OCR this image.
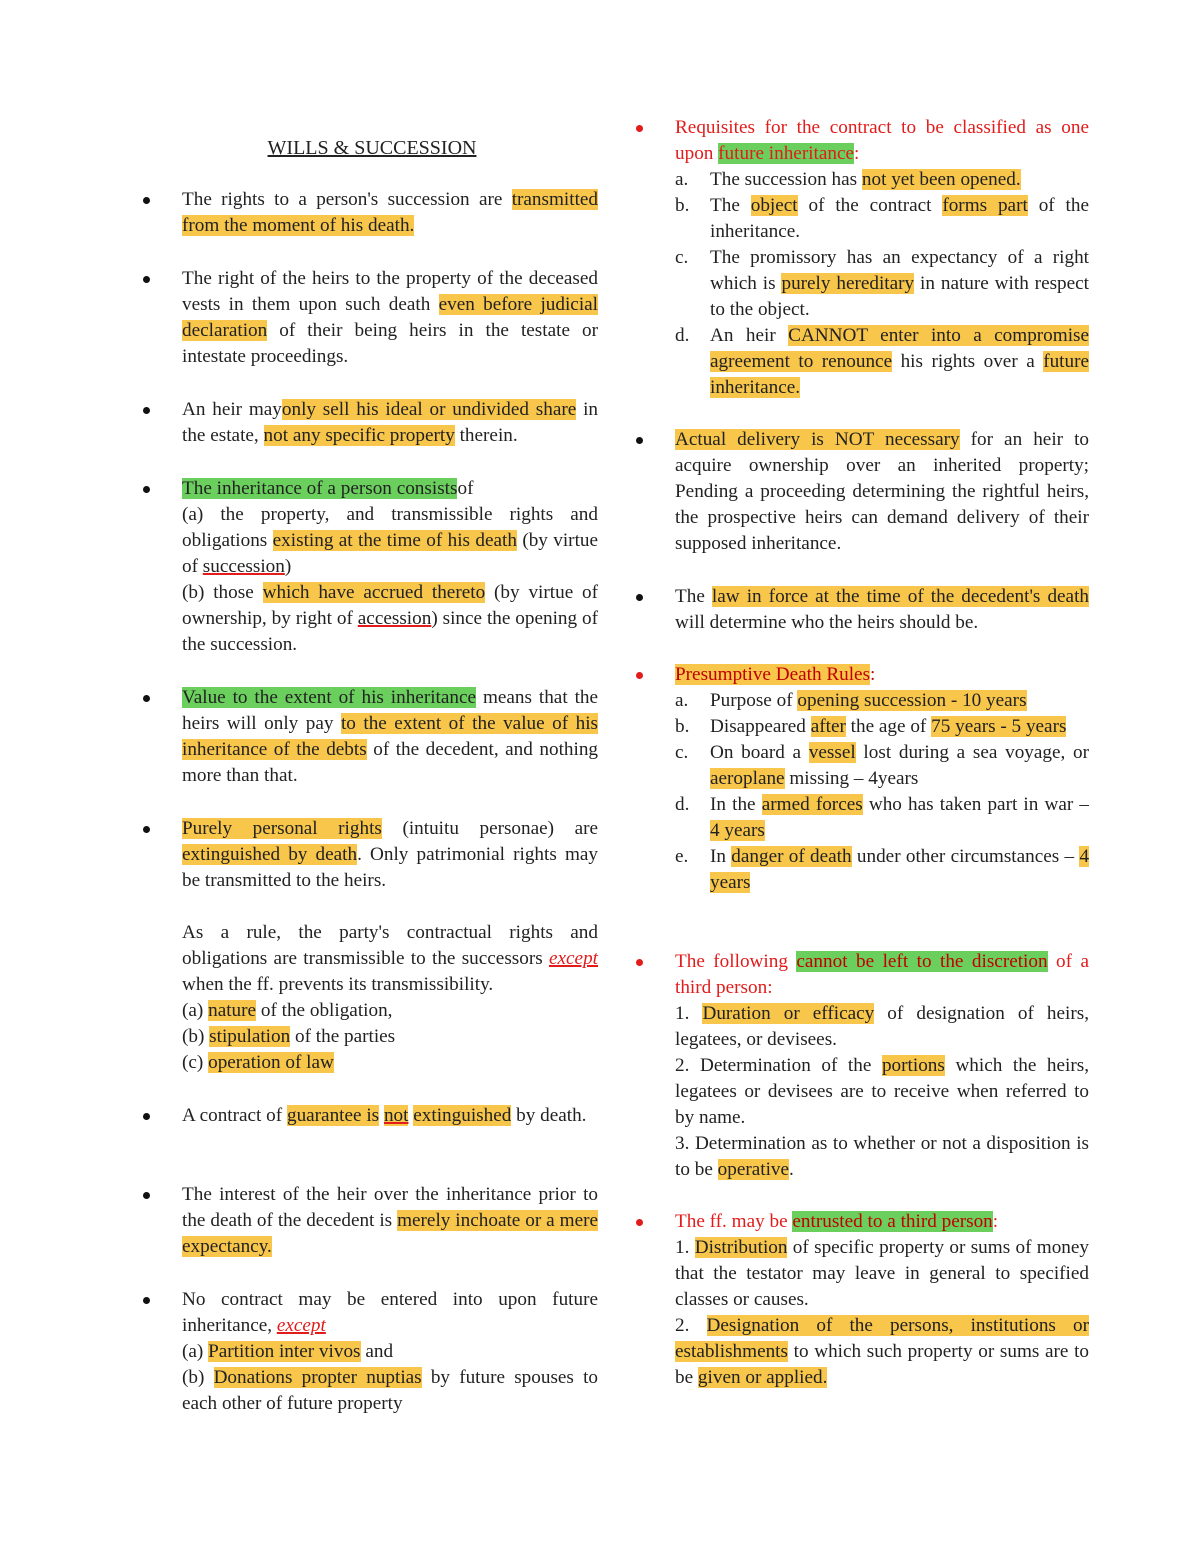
WILLS & SUCCESSION
The rights to a person's succession are transmitted from the moment of his death.
The right of the heirs to the property of the deceased vests in them upon such death even before judicial declaration of their being heirs in the testate or intestate proceedings.
An heir mayonly sell his ideal or undivided share in the estate, not any specific property therein.
The inheritance of a person consistsof
(a) the property, and transmissible rights and obligations existing at the time of his death (by virtue of succession)
(b) those which have accrued thereto (by virtue of ownership, by right of accession) since the opening of the succession.
Value to the extent of his inheritance means that the heirs will only pay to the extent of the value of his inheritance of the debts of the decedent, and nothing more than that.
Purely personal rights (intuitu personae) are extinguished by death. Only patrimonial rights may be transmitted to the heirs.
As a rule, the party's contractual rights and obligations are transmissible to the successors except when the ff. prevents its transmissibility.
(a) nature of the obligation,
(b) stipulation of the parties
(c) operation of law
A contract of guarantee is not extinguished by death.
The interest of the heir over the inheritance prior to the death of the decedent is merely inchoate or a mere expectancy.
No contract may be entered into upon future inheritance, except
(a) Partition inter vivos and
(b) Donations propter nuptias by future spouses to each other of future property
Requisites for the contract to be classified as one upon future inheritance:
a. The succession has not yet been opened.
b. The object of the contract forms part of the inheritance.
c. The promissory has an expectancy of a right which is purely hereditary in nature with respect to the object.
d. An heir CANNOT enter into a compromise agreement to renounce his rights over a future inheritance.
Actual delivery is NOT necessary for an heir to acquire ownership over an inherited property; Pending a proceeding determining the rightful heirs, the prospective heirs can demand delivery of their supposed inheritance.
The law in force at the time of the decedent's death will determine who the heirs should be.
Presumptive Death Rules:
a. Purpose of opening succession - 10 years
b. Disappeared after the age of 75 years - 5 years
c. On board a vessel lost during a sea voyage, or aeroplane missing – 4years
d. In the armed forces who has taken part in war – 4 years
e. In danger of death under other circumstances – 4 years
The following cannot be left to the discretion of a third person:
1. Duration or efficacy of designation of heirs, legatees, or devisees.
2. Determination of the portions which the heirs, legatees or devisees are to receive when referred to by name.
3. Determination as to whether or not a disposition is to be operative.
The ff. may be entrusted to a third person:
1. Distribution of specific property or sums of money that the testator may leave in general to specified classes or causes.
2. Designation of the persons, institutions or establishments to which such property or sums are to be given or applied.
